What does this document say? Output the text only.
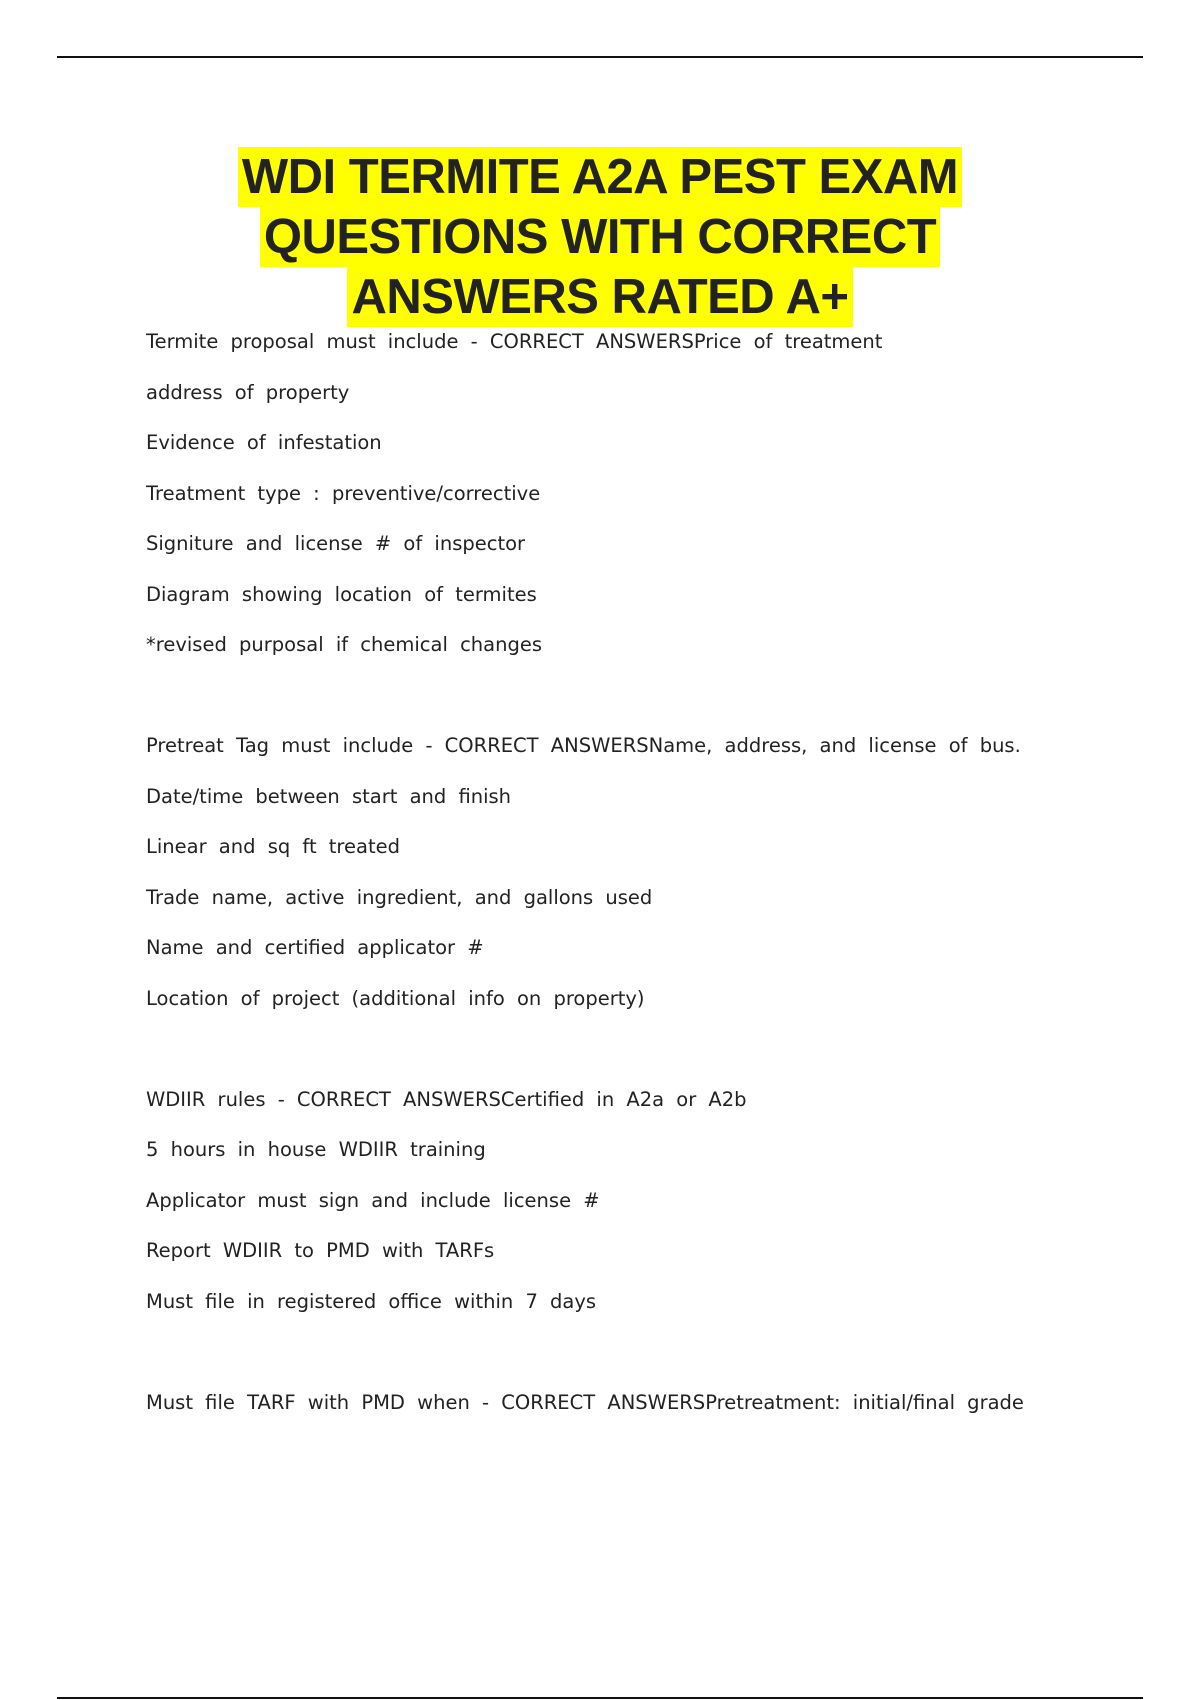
WDI TERMITE A2A PEST EXAM
QUESTIONS WITH CORRECT
ANSWERS RATED A+
Termite proposal must include - CORRECT ANSWERSPrice of treatment
address of property
Evidence of infestation
Treatment type : preventive/corrective
Signiture and license # of inspector
Diagram showing location of termites
*revised purposal if chemical changes
Pretreat Tag must include - CORRECT ANSWERSName, address, and license of bus.
Date/time between start and finish
Linear and sq ft treated
Trade name, active ingredient, and gallons used
Name and certified applicator #
Location of project (additional info on property)
WDIIR rules - CORRECT ANSWERSCertified in A2a or A2b
5 hours in house WDIIR training
Applicator must sign and include license #
Report WDIIR to PMD with TARFs
Must file in registered office within 7 days
Must file TARF with PMD when - CORRECT ANSWERSPretreatment: initial/final grade
